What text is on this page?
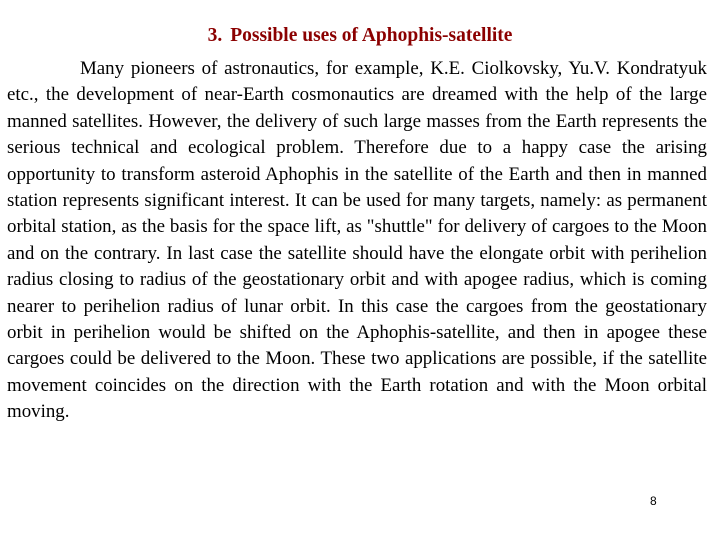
3. Possible uses of Aphophis-satellite

Many pioneers of astronautics, for example, K.E. Ciolkovsky, Yu.V. Kondratyuk etc., the development of near-Earth cosmonautics are dreamed with the help of the large manned satellites. However, the delivery of such large masses from the Earth represents the serious technical and ecological problem. Therefore due to a happy case the arising opportunity to transform asteroid Aphophis in the satellite of the Earth and then in manned station represents significant interest. It can be used for many targets, namely: as permanent orbital station, as the basis for the space lift, as "shuttle" for delivery of cargoes to the Moon and on the contrary. In last case the satellite should have the elongate orbit with perihelion radius closing to radius of the geostationary orbit and with apogee radius, which is coming nearer to perihelion radius of lunar orbit. In this case the cargoes from the geostationary orbit in perihelion would be shifted on the Aphophis-satellite, and then in apogee these cargoes could be delivered to the Moon. These two applications are possible, if the satellite movement coincides on the direction with the Earth rotation and with the Moon orbital moving.

8
